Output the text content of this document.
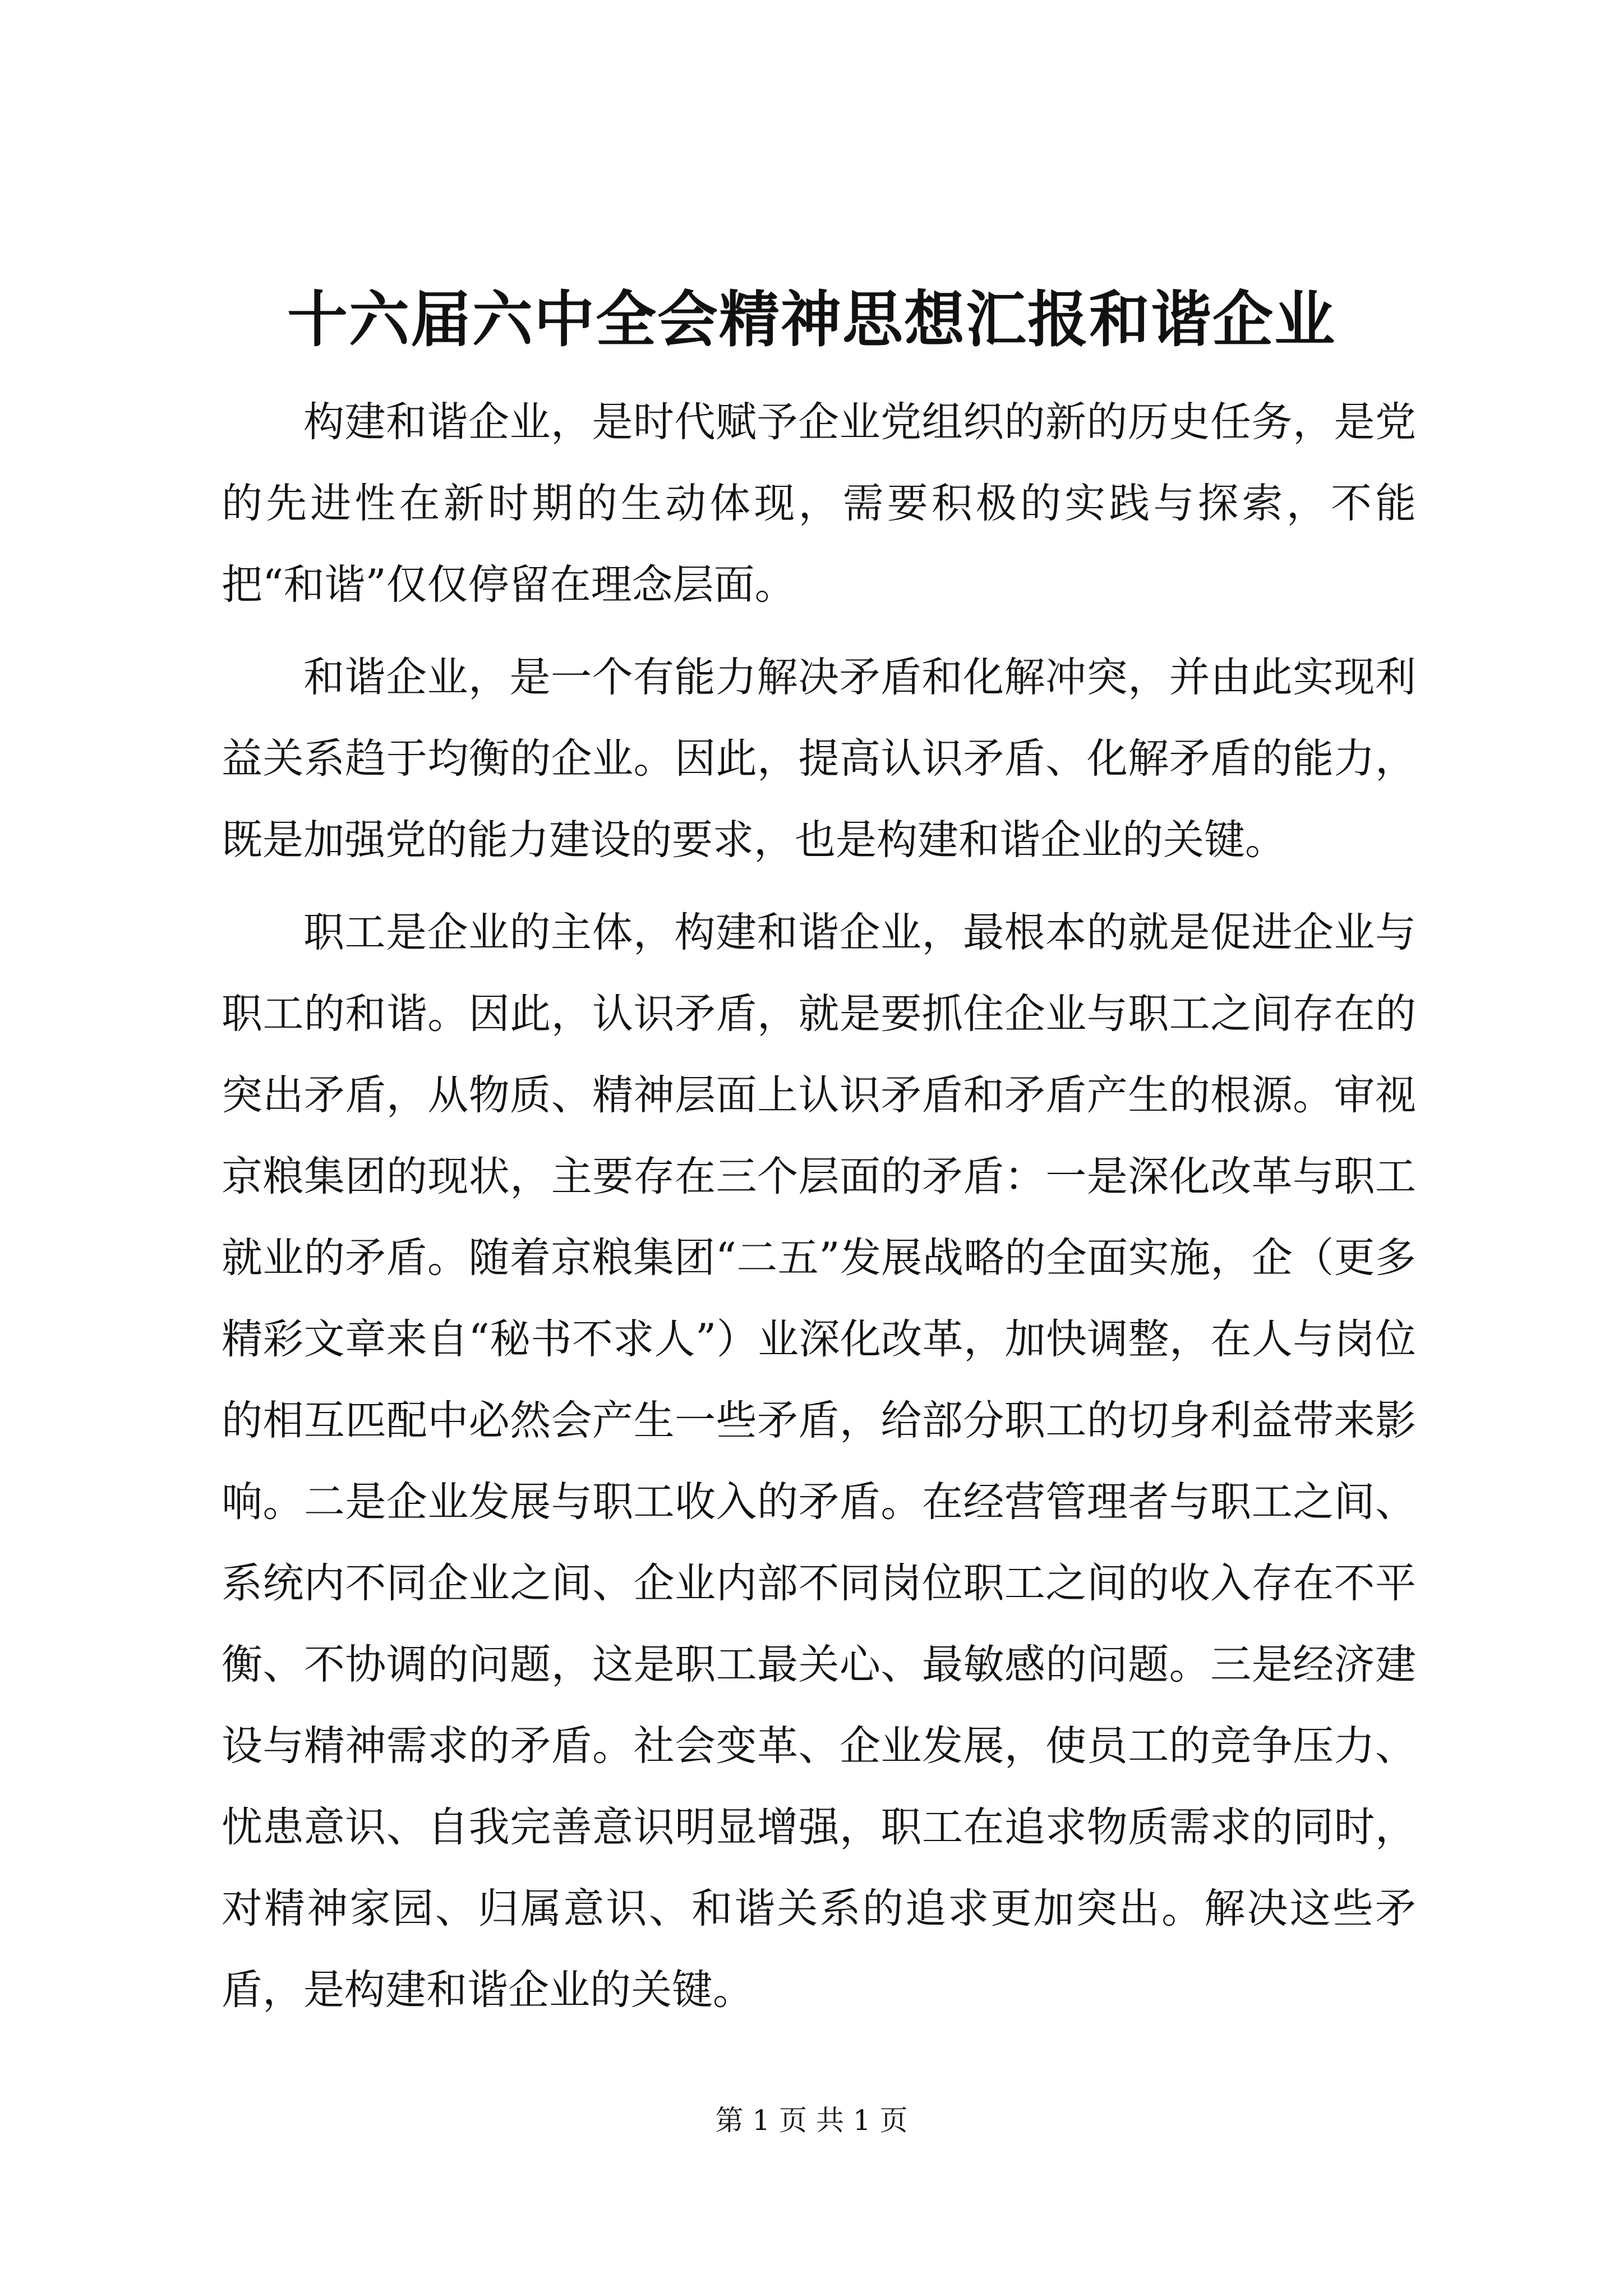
十六届六中全会精神思想汇报和谐企业

构建和谐企业，是时代赋予企业党组织的新的历史任务，是党的先进性在新时期的生动体现，需要积极的实践与探索，不能把“和谐”仅仅停留在理念层面。

和谐企业，是一个有能力解决矛盾和化解冲突，并由此实现利益关系趋于均衡的企业。因此，提高认识矛盾、化解矛盾的能力，既是加强党的能力建设的要求，也是构建和谐企业的关键。

职工是企业的主体，构建和谐企业，最根本的就是促进企业与职工的和谐。因此，认识矛盾，就是要抓住企业与职工之间存在的突出矛盾，从物质、精神层面上认识矛盾和矛盾产生的根源。审视京粮集团的现状，主要存在三个层面的矛盾：一是深化改革与职工就业的矛盾。随着京粮集团“二五”发展战略的全面实施，企（更多精彩文章来自“秘书不求人”）业深化改革，加快调整，在人与岗位的相互匹配中必然会产生一些矛盾，给部分职工的切身利益带来影响。二是企业发展与职工收入的矛盾。在经营管理者与职工之间、系统内不同企业之间、企业内部不同岗位职工之间的收入存在不平衡、不协调的问题，这是职工最关心、最敏感的问题。三是经济建设与精神需求的矛盾。社会变革、企业发展，使员工的竞争压力、忧患意识、自我完善意识明显增强，职工在追求物质需求的同时，对精神家园、归属意识、和谐关系的追求更加突出。解决这些矛盾，是构建和谐企业的关键。

第 1 页 共 1 页
